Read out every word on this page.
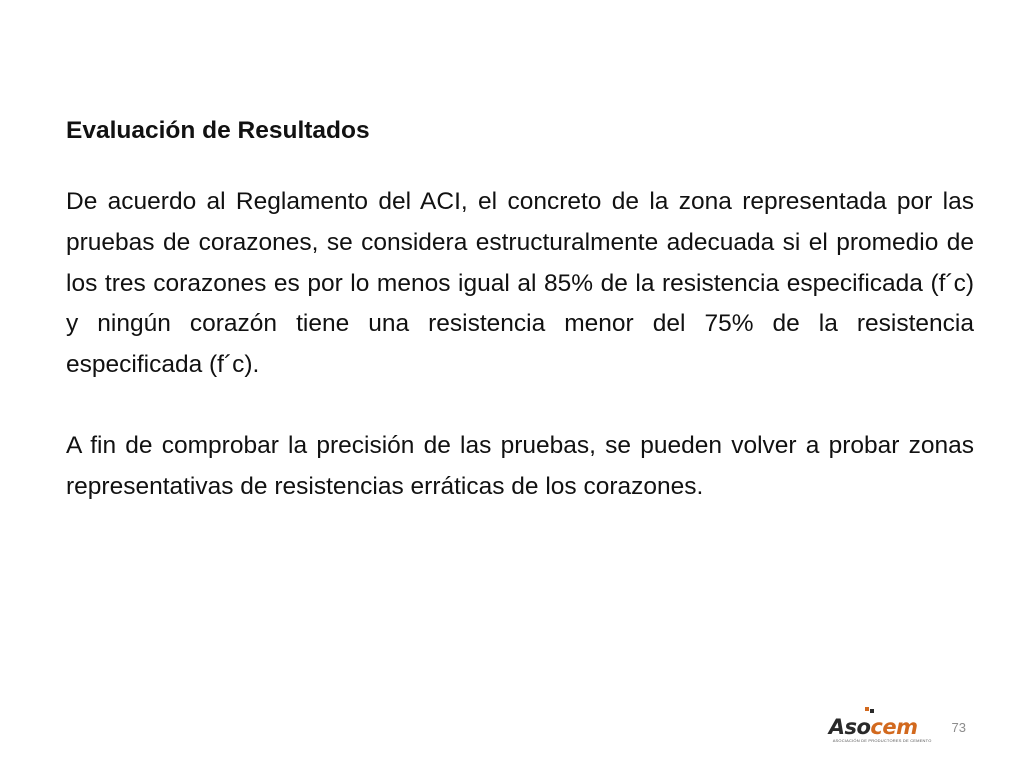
Evaluación de Resultados
De acuerdo al Reglamento del ACI, el concreto de la zona representada por las pruebas de corazones, se considera estructuralmente adecuada si el promedio de los tres corazones es por lo menos igual al 85% de la resistencia especificada (f´c) y ningún corazón tiene una resistencia menor del 75% de la resistencia especificada (f´c).
A fin de comprobar la precisión de las pruebas, se pueden volver a probar zonas representativas de resistencias erráticas de los corazones.
Asocem
ASOCIACIÓN DE PRODUCTORES DE CEMENTO
73
